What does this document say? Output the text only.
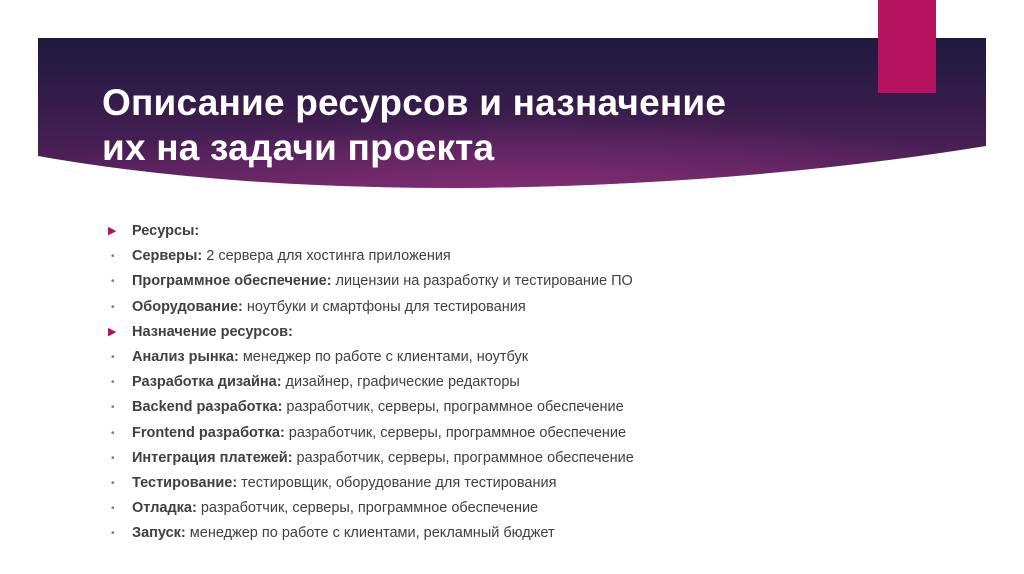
Описание ресурсов и назначение
их на задачи проекта
▶	Ресурсы:
•	Серверы: 2 сервера для хостинга приложения
•	Программное обеспечение: лицензии на разработку и тестирование ПО
•	Оборудование: ноутбуки и смартфоны для тестирования
▶	Назначение ресурсов:
•	Анализ рынка: менеджер по работе с клиентами, ноутбук
•	Разработка дизайна: дизайнер, графические редакторы
•	Backend разработка: разработчик, серверы, программное обеспечение
•	Frontend разработка: разработчик, серверы, программное обеспечение
•	Интеграция платежей: разработчик, серверы, программное обеспечение
•	Тестирование: тестировщик, оборудование для тестирования
•	Отладка: разработчик, серверы, программное обеспечение
•	Запуск: менеджер по работе с клиентами, рекламный бюджет
